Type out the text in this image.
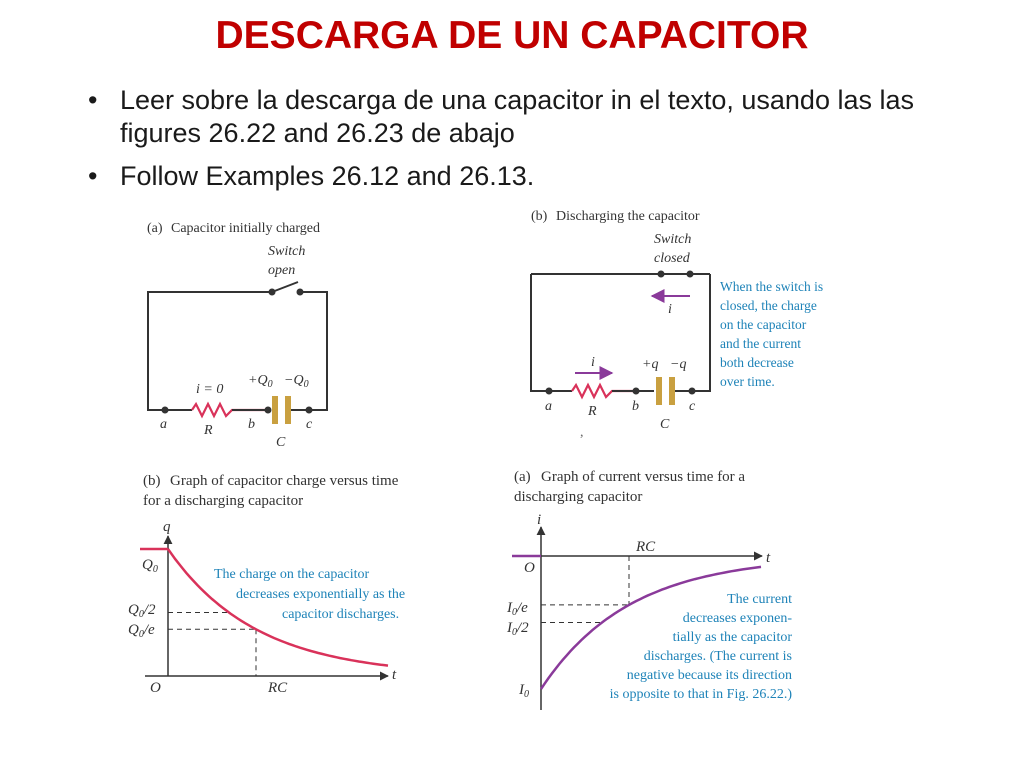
DESCARGA DE UN CAPACITOR
• Leer sobre la descarga de una capacitor in el texto, usando las las figures 26.22 and 26.23 de abajo
• Follow Examples 26.12 and 26.13.
(a) Capacitor initially charged
Switch
open
a	b	c
R
C
i = 0
$+Q_0 -Q_0$
(b) Discharging the capacitor
Switch
closed
i
i
a	b	c
R
C
+q −q
,
When the switch is
closed, the charge
on the capacitor
and the current
both decrease
over time.
(b) Graph of capacitor charge versus time
for a discharging capacitor
q
t
O	RC
$Q_0$
$Q_0/2$
$Q_0/e$
The charge on the capacitor
decreases exponentially as the
capacitor discharges.
(a) Graph of current versus time for a
discharging capacitor
i
t
O
RC
$I_0/e$
$I_0/2$
$I_0$
The current
decreases exponen-
tially as the capacitor
discharges. (The current is
negative because its direction
is opposite to that in Fig. 26.22.)
